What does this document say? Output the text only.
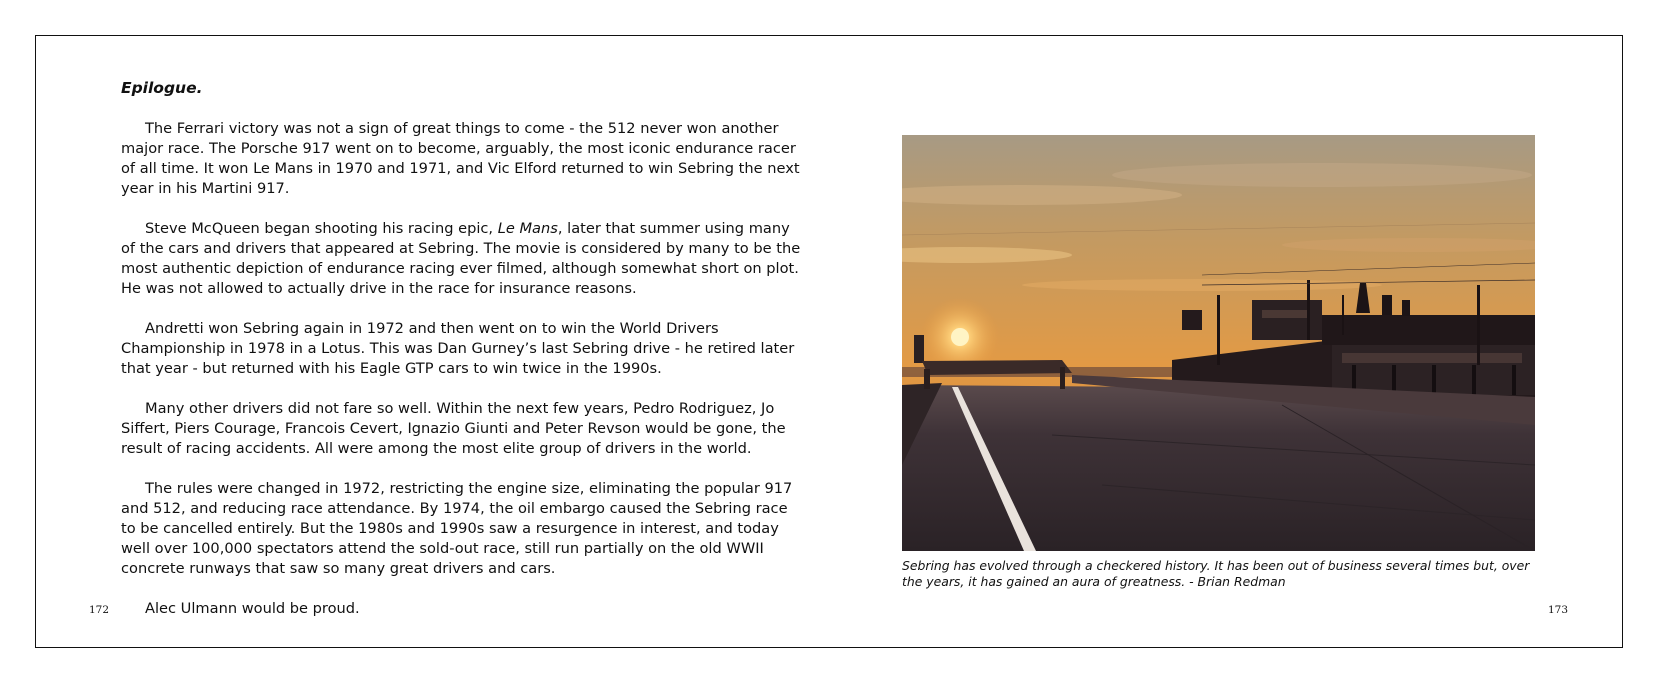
Epilogue.

The Ferrari victory was not a sign of great things to come - the 512 never won another major race. The Porsche 917 went on to become, arguably, the most iconic endurance racer of all time. It won Le Mans in 1970 and 1971, and Vic Elford returned to win Sebring the next year in his Martini 917.

Steve McQueen began shooting his racing epic, Le Mans, later that summer using many of the cars and drivers that appeared at Sebring. The movie is considered by many to be the most authentic depiction of endurance racing ever filmed, although somewhat short on plot. He was not allowed to actually drive in the race for insurance reasons.

Andretti won Sebring again in 1972 and then went on to win the World Drivers Championship in 1978 in a Lotus. This was Dan Gurney’s last Sebring drive - he retired later that year - but returned with his Eagle GTP cars to win twice in the 1990s.

Many other drivers did not fare so well. Within the next few years, Pedro Rodriguez, Jo Siffert, Piers Courage, Francois Cevert, Ignazio Giunti and Peter Revson would be gone, the result of racing accidents. All were among the most elite group of drivers in the world.

The rules were changed in 1972, restricting the engine size, eliminating the popular 917 and 512, and reducing race attendance. By 1974, the oil embargo caused the Sebring race to be cancelled entirely. But the 1980s and 1990s saw a resurgence in interest, and today well over 100,000 spectators attend the sold-out race, still run partially on the old WWII concrete runways that saw so many great drivers and cars.

Alec Ulmann would be proud.

172

Sebring has evolved through a checkered history. It has been out of business several times but, over the years, it has gained an aura of greatness. - Brian Redman

173
